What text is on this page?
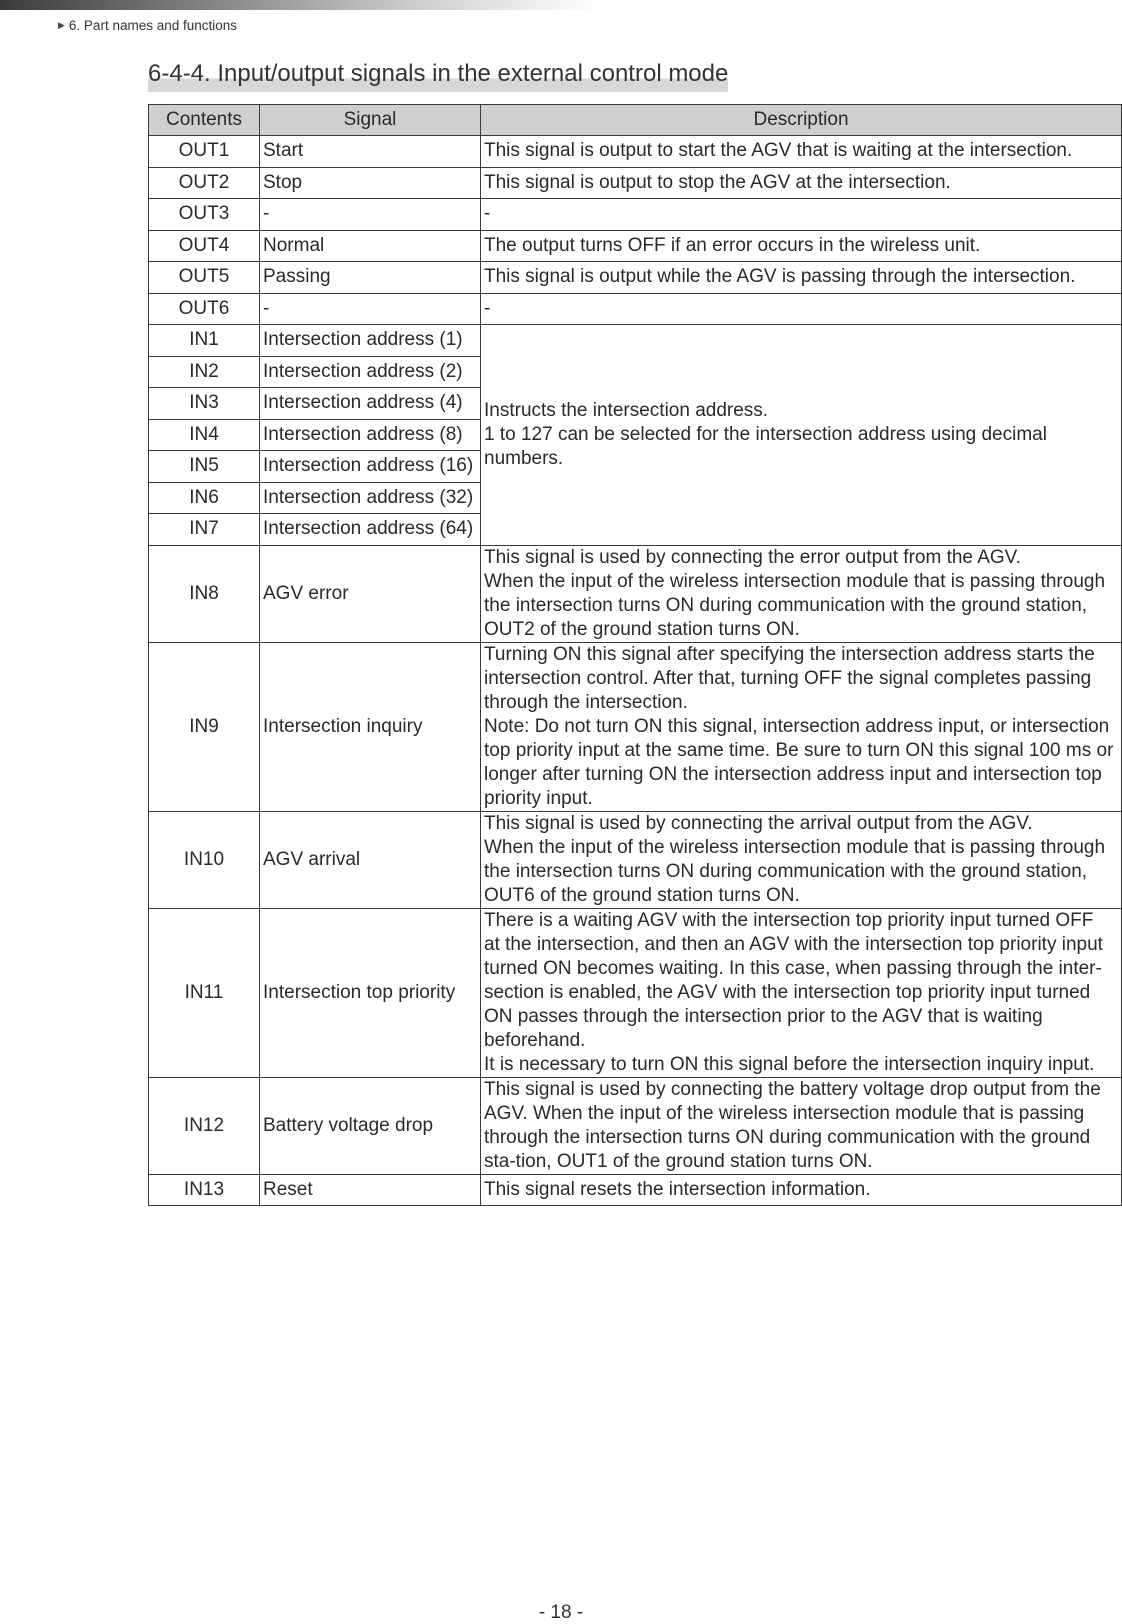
▶ 6. Part names and functions
6-4-4. Input/output signals in the external control mode
Contents	Signal	Description
OUT1	Start	This signal is output to start the AGV that is waiting at the intersection.
OUT2	Stop	This signal is output to stop the AGV at the intersection.
OUT3	-	-
OUT4	Normal	The output turns OFF if an error occurs in the wireless unit.
OUT5	Passing	This signal is output while the AGV is passing through the intersection.
OUT6	-	-
IN1	Intersection address (1)	Instructs the intersection address.
1 to 127 can be selected for the intersection address using decimal numbers.
IN2	Intersection address (2)	
IN3	Intersection address (4)	
IN4	Intersection address (8)	
IN5	Intersection address (16)	
IN6	Intersection address (32)	
IN7	Intersection address (64)	
IN8	AGV error	This signal is used by connecting the error output from the AGV.
When the input of the wireless intersection module that is passing through the intersection turns ON during communication with the ground station, OUT2 of the ground station turns ON.
IN9	Intersection inquiry	Turning ON this signal after specifying the intersection address starts the intersection control. After that, turning OFF the signal completes passing through the intersection.
Note: Do not turn ON this signal, intersection address input, or intersection top priority input at the same time. Be sure to turn ON this signal 100 ms or longer after turning ON the intersection address input and intersection top priority input.
IN10	AGV arrival	This signal is used by connecting the arrival output from the AGV.
When the input of the wireless intersection module that is passing through the intersection turns ON during communication with the ground station, OUT6 of the ground station turns ON.
IN11	Intersection top priority	There is a waiting AGV with the intersection top priority input turned OFF
at the intersection, and then an AGV with the intersection top priority input turned ON becomes waiting. In this case, when passing through the inter-section is enabled, the AGV with the intersection top priority input turned ON passes through the intersection prior to the AGV that is waiting beforehand.
It is necessary to turn ON this signal before the intersection inquiry input.
IN12	Battery voltage drop	This signal is used by connecting the battery voltage drop output from the AGV. When the input of the wireless intersection module that is passing through the intersection turns ON during communication with the ground sta-tion, OUT1 of the ground station turns ON.
IN13	Reset	This signal resets the intersection information.
- 18 -
